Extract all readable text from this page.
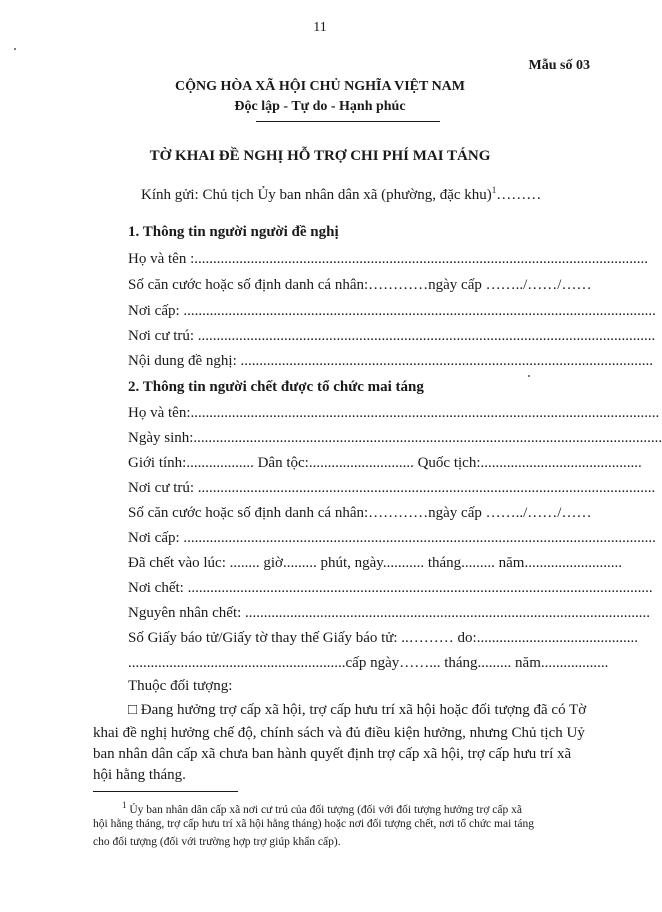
11
Mẫu số 03
CỘNG HÒA XÃ HỘI CHỦ NGHĨA VIỆT NAM
Độc lập - Tự do - Hạnh phúc
TỜ KHAI ĐỀ NGHỊ HỖ TRỢ CHI PHÍ MAI TÁNG
Kính gửi: Chủ tịch Ủy ban nhân dân xã (phường, đặc khu)$^1$………
1. Thông tin người người đề nghị
Họ và tên :.........................................................................................................................
Số căn cước hoặc số định danh cá nhân:…………ngày cấp ……../……/……
Nơi cấp: ..............................................................................................................................
Nơi cư trú: ..........................................................................................................................
Nội dung đề nghị: ..............................................................................................................
2. Thông tin người chết được tổ chức mai táng
Họ và tên:.............................................................................................................................
Ngày sinh:.............................................................................................................................
Giới tính:.................. Dân tộc:............................ Quốc tịch:...........................................
Nơi cư trú: ..........................................................................................................................
Số căn cước hoặc số định danh cá nhân:…………ngày cấp ……../……/……
Nơi cấp: ..............................................................................................................................
Đã chết vào lúc: ........ giờ......... phút, ngày........... tháng......... năm..........................
Nơi chết: ............................................................................................................................
Nguyên nhân chết: ............................................................................................................
Số Giấy báo tử/Giấy tờ thay thế Giấy báo tử: ..……… do:...........................................
..........................................................cấp ngày……... tháng......... năm..................
Thuộc đối tượng:
□ Đang hưởng trợ cấp xã hội, trợ cấp hưu trí xã hội hoặc đối tượng đã có Tờ
khai đề nghị hưởng chế độ, chính sách và đủ điều kiện hưởng, nhưng Chủ tịch Uỷ
ban nhân dân cấp xã chưa ban hành quyết định trợ cấp xã hội, trợ cấp hưu trí xã
hội hằng tháng.
$^1$ Ủy ban nhân dân cấp xã nơi cư trú của đối tượng (đối với đối tượng hưởng trợ cấp xã
hội hằng tháng, trợ cấp hưu trí xã hội hằng tháng) hoặc nơi đối tượng chết, nơi tổ chức mai táng
cho đối tượng (đối với trường hợp trợ giúp khẩn cấp).
